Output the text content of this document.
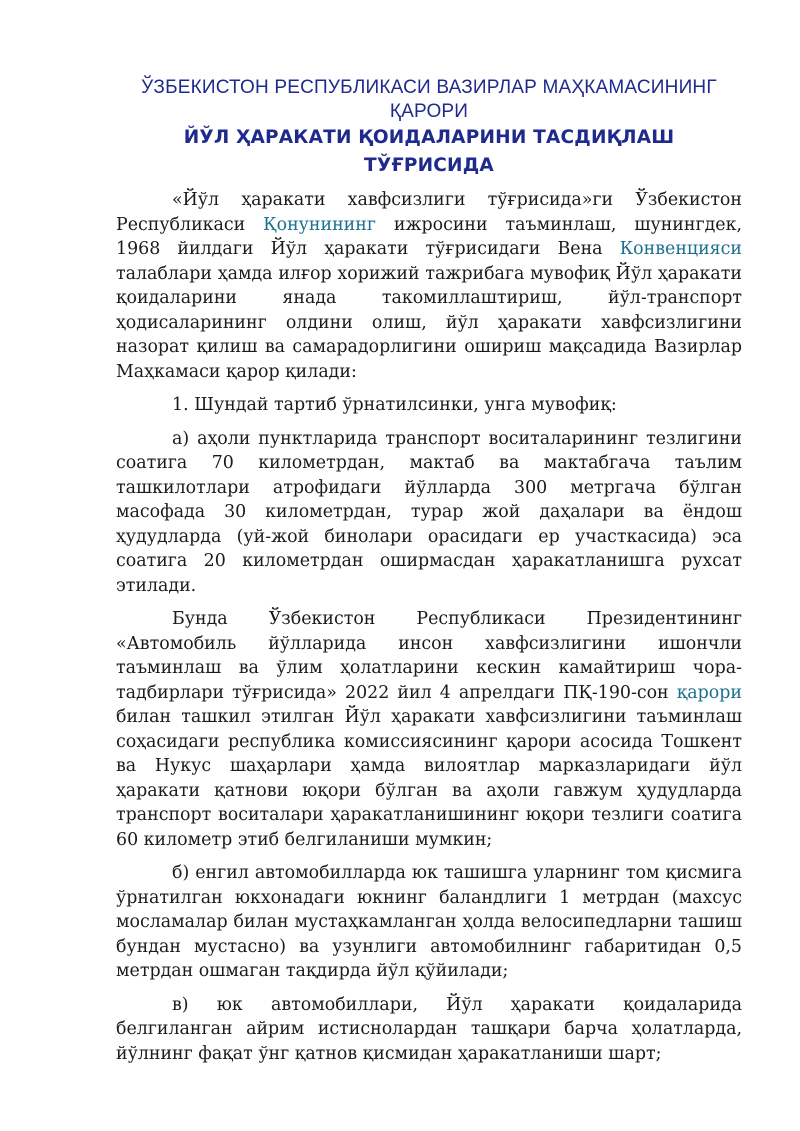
ЎЗБЕКИСТОН РЕСПУБЛИКАСИ ВАЗИРЛАР МАҲКАМАСИНИНГ
ҚАРОРИ
ЙЎЛ ҲАРАКАТИ ҚОИДАЛАРИНИ ТАСДИҚЛАШ ТЎҒРИСИДА

«Йўл ҳаракати хавфсизлиги тўғрисида»ги Ўзбекистон Республикаси Қонунининг ижросини таъминлаш, шунингдек, 1968 йилдаги Йўл ҳаракати тўғрисидаги Вена Конвенцияси талаблари ҳамда илғор хорижий тажрибага мувофиқ Йўл ҳаракати қоидаларини янада такомиллаштириш, йўл-транспорт ҳодисаларининг олдини олиш, йўл ҳаракати хавфсизлигини назорат қилиш ва самарадорлигини ошириш мақсадида Вазирлар Маҳкамаси қарор қилади:

1. Шундай тартиб ўрнатилсинки, унга мувофиқ:

а) аҳоли пунктларида транспорт воситаларининг тезлигини соатига 70 километрдан, мактаб ва мактабгача таълим ташкилотлари атрофидаги йўлларда 300 метргача бўлган масофада 30 километрдан, турар жой даҳалари ва ёндош ҳудудларда (уй-жой бинолари орасидаги ер участкасида) эса соатига 20 километрдан оширмасдан ҳаракатланишга рухсат этилади.

Бунда Ўзбекистон Республикаси Президентининг «Автомобиль йўлларида инсон хавфсизлигини ишончли таъминлаш ва ўлим ҳолатларини кескин камайтириш чора-тадбирлари тўғрисида» 2022 йил 4 апрелдаги ПҚ-190-сон қарори билан ташкил этилган Йўл ҳаракати хавфсизлигини таъминлаш соҳасидаги республика комиссиясининг қарори асосида Тошкент ва Нукус шаҳарлари ҳамда вилоятлар марказларидаги йўл ҳаракати қатнови юқори бўлган ва аҳоли гавжум ҳудудларда транспорт воситалари ҳаракатланишининг юқори тезлиги соатига 60 километр этиб белгиланиши мумкин;

б) енгил автомобилларда юк ташишга уларнинг том қисмига ўрнатилган юкхонадаги юкнинг баландлиги 1 метрдан (махсус мосламалар билан мустаҳкамланган ҳолда велосипедларни ташиш бундан мустасно) ва узунлиги автомобилнинг габаритидан 0,5 метрдан ошмаган тақдирда йўл қўйилади;

в) юк автомобиллари, Йўл ҳаракати қоидаларида белгиланган айрим истиснолардан ташқари барча ҳолатларда, йўлнинг фақат ўнг қатнов қисмидан ҳаракатланиши шарт;
